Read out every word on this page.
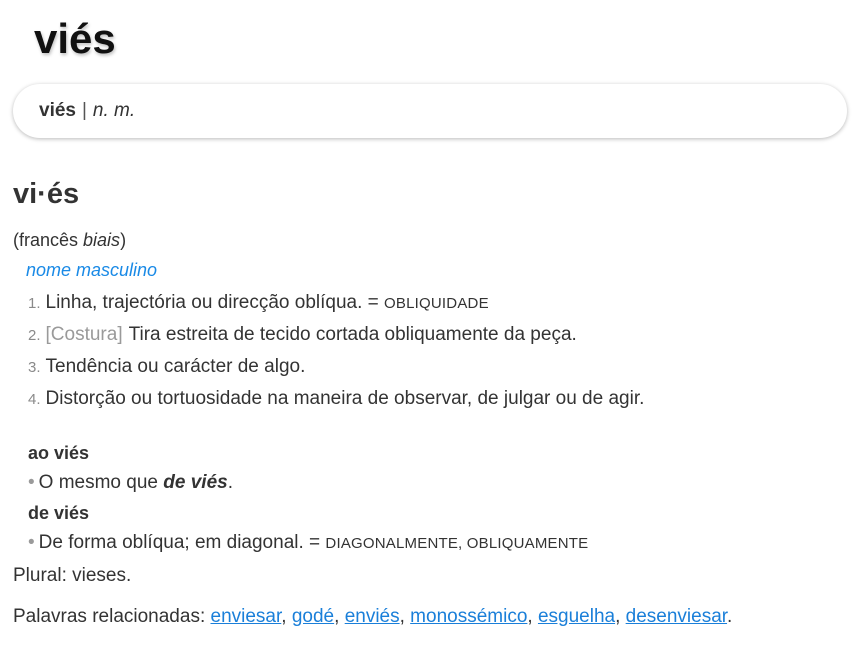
viés
viés | n. m.
vi·és
(francês biais)
nome masculino
1. Linha, trajectória ou direcção oblíqua. = OBLIQUIDADE
2. [Costura] Tira estreita de tecido cortada obliquamente da peça.
3. Tendência ou carácter de algo.
4. Distorção ou tortuosidade na maneira de observar, de julgar ou de agir.
ao viés
• O mesmo que de viés.
de viés
• De forma oblíqua; em diagonal. = DIAGONALMENTE, OBLIQUAMENTE
Plural: vieses.
Palavras relacionadas: enviesar, godé, enviés, monossémico, esguelha, desenviesar.
